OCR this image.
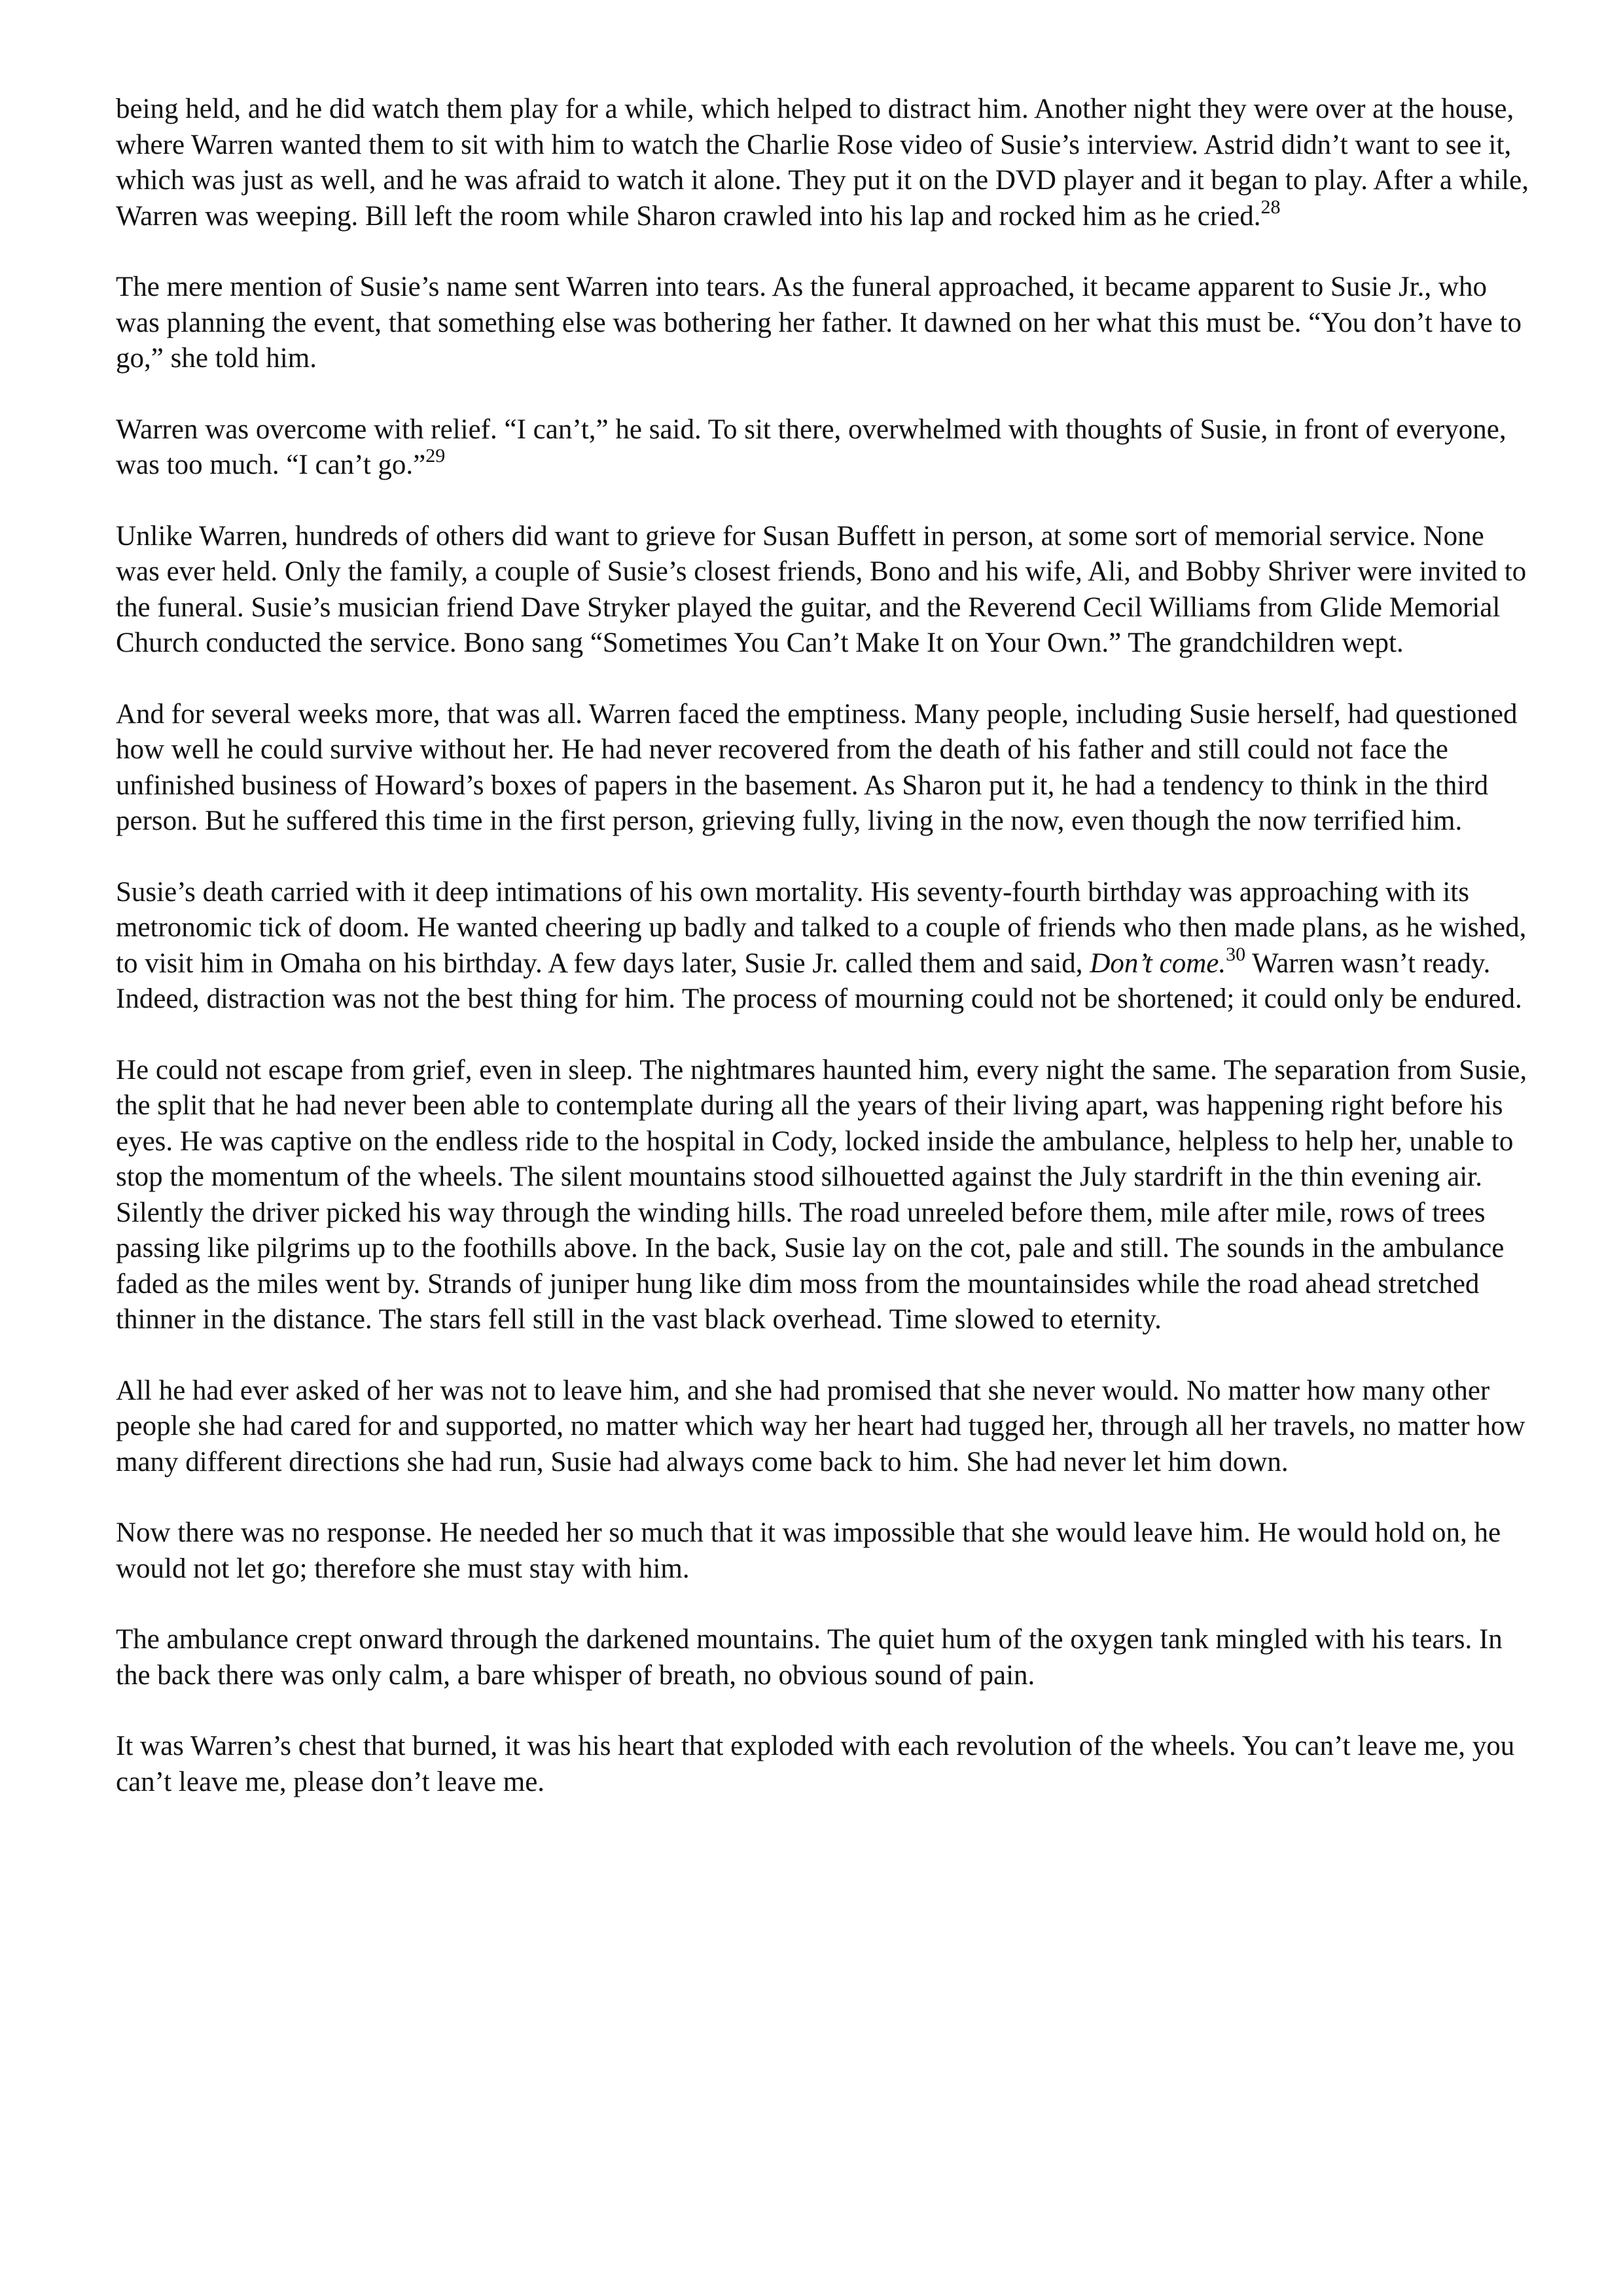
being held, and he did watch them play for a while, which helped to distract him. Another night they were over at the house, where Warren wanted them to sit with him to watch the Charlie Rose video of Susie’s interview. Astrid didn’t want to see it, which was just as well, and he was afraid to watch it alone. They put it on the DVD player and it began to play. After a while, Warren was weeping. Bill left the room while Sharon crawled into his lap and rocked him as he cried.$^{28}$

The mere mention of Susie’s name sent Warren into tears. As the funeral approached, it became apparent to Susie Jr., who was planning the event, that something else was bothering her father. It dawned on her what this must be. “You don’t have to go,” she told him.

Warren was overcome with relief. “I can’t,” he said. To sit there, overwhelmed with thoughts of Susie, in front of everyone, was too much. “I can’t go.”$^{29}$

Unlike Warren, hundreds of others did want to grieve for Susan Buffett in person, at some sort of memorial service. None was ever held. Only the family, a couple of Susie’s closest friends, Bono and his wife, Ali, and Bobby Shriver were invited to the funeral. Susie’s musician friend Dave Stryker played the guitar, and the Reverend Cecil Williams from Glide Memorial Church conducted the service. Bono sang “Sometimes You Can’t Make It on Your Own.” The grandchildren wept.

And for several weeks more, that was all. Warren faced the emptiness. Many people, including Susie herself, had questioned how well he could survive without her. He had never recovered from the death of his father and still could not face the unfinished business of Howard’s boxes of papers in the basement. As Sharon put it, he had a tendency to think in the third person. But he suffered this time in the first person, grieving fully, living in the now, even though the now terrified him.

Susie’s death carried with it deep intimations of his own mortality. His seventy-fourth birthday was approaching with its metronomic tick of doom. He wanted cheering up badly and talked to a couple of friends who then made plans, as he wished, to visit him in Omaha on his birthday. A few days later, Susie Jr. called them and said, Don’t come.$^{30}$ Warren wasn’t ready. Indeed, distraction was not the best thing for him. The process of mourning could not be shortened; it could only be endured.

He could not escape from grief, even in sleep. The nightmares haunted him, every night the same. The separation from Susie, the split that he had never been able to contemplate during all the years of their living apart, was happening right before his eyes. He was captive on the endless ride to the hospital in Cody, locked inside the ambulance, helpless to help her, unable to stop the momentum of the wheels. The silent mountains stood silhouetted against the July stardrift in the thin evening air. Silently the driver picked his way through the winding hills. The road unreeled before them, mile after mile, rows of trees passing like pilgrims up to the foothills above. In the back, Susie lay on the cot, pale and still. The sounds in the ambulance faded as the miles went by. Strands of juniper hung like dim moss from the mountainsides while the road ahead stretched thinner in the distance. The stars fell still in the vast black overhead. Time slowed to eternity.

All he had ever asked of her was not to leave him, and she had promised that she never would. No matter how many other people she had cared for and supported, no matter which way her heart had tugged her, through all her travels, no matter how many different directions she had run, Susie had always come back to him. She had never let him down.

Now there was no response. He needed her so much that it was impossible that she would leave him. He would hold on, he would not let go; therefore she must stay with him.

The ambulance crept onward through the darkened mountains. The quiet hum of the oxygen tank mingled with his tears. In the back there was only calm, a bare whisper of breath, no obvious sound of pain.

It was Warren’s chest that burned, it was his heart that exploded with each revolution of the wheels. You can’t leave me, you can’t leave me, please don’t leave me.
